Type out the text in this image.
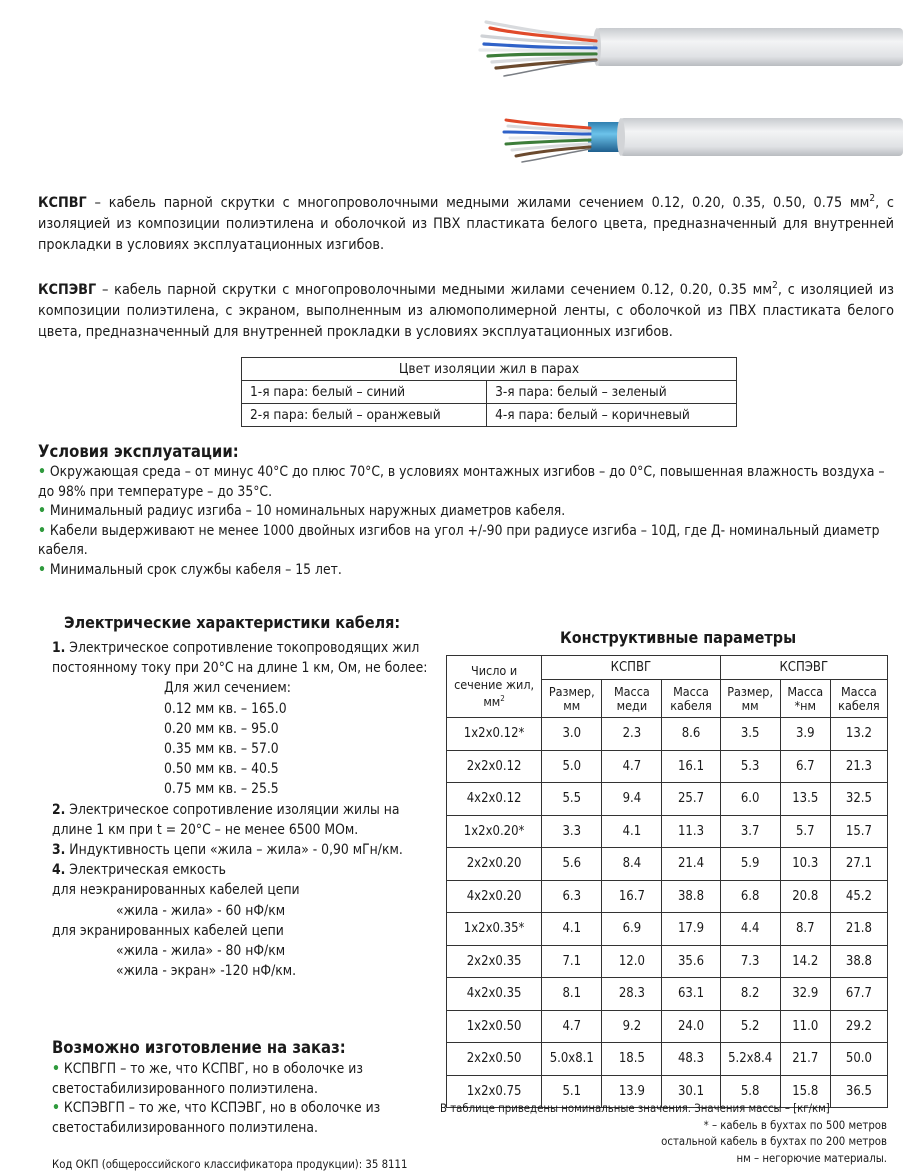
КСПВГ – кабель парной скрутки с многопроволочными медными жилами сечением 0.12, 0.20, 0.35, 0.50, 0.75 $мм^2$, с изоляцией из композиции полиэтилена и оболочкой из ПВХ пластиката белого цвета, предназначенный для внутренней прокладки в условиях эксплуатационных изгибов.
КСПЭВГ – кабель парной скрутки с многопроволочными медными жилами сечением 0.12, 0.20, 0.35 $мм^2$, с изоляцией из композиции полиэтилена, с экраном, выполненным из алюмополимерной ленты, с оболочкой из ПВХ пластиката белого цвета, предназначенный для внутренней прокладки в условиях эксплуатационных изгибов.
Цвет изоляции жил в парах	
1-я пара: белый – синий	3-я пара: белый – зеленый
2-я пара: белый – оранжевый	4-я пара: белый – коричневый
Условия эксплуатации:
• Окружающая среда – от минус 40°С до плюс 70°С, в условиях монтажных изгибов – до 0°С, повышенная влажность воздуха – до 98% при температуре – до 35°С.
• Минимальный радиус изгиба – 10 номинальных наружных диаметров кабеля.
• Кабели выдерживают не менее 1000 двойных изгибов на угол +/-90 при радиусе изгиба – 10Д, где Д- номинальный диаметр кабеля.
• Минимальный срок службы кабеля – 15 лет.
Электрические характеристики кабеля:
1. Электрическое сопротивление токопроводящих жил постоянному току при 20°С на длине 1 км, Ом, не более:
Для жил сечением:
0.12 мм кв. – 165.0
0.20 мм кв. – 95.0
0.35 мм кв. – 57.0
0.50 мм кв. – 40.5
0.75 мм кв. – 25.5
2. Электрическое сопротивление изоляции жилы на длине 1 км при t = 20°С – не менее 6500 МОм.
3. Индуктивность цепи «жила – жила» - 0,90 мГн/км.
4. Электрическая емкость
для неэкранированных кабелей цепи
«жила - жила» - 60 нФ/км
для экранированных кабелей цепи
«жила - жила» - 80 нФ/км
«жила - экран» -120 нФ/км.
Возможно изготовление на заказ:
• КСПВГП – то же, что КСПВГ, но в оболочке из светостабилизированного полиэтилена.
• КСПЭВГП – то же, что КСПЭВГ, но в оболочке из светостабилизированного полиэтилена.
Код ОКП (общероссийского классификатора продукции): 35 8111
Конструктивные параметры
Число и сечение жил, $мм^2$	КСПВГ			КСПЭВГ		
	Размер, мм	Масса меди	Масса кабеля	Размер, мм	Масса *нм	Масса кабеля
1x2x0.12*	3.0	2.3	8.6	3.5	3.9	13.2
2x2x0.12	5.0	4.7	16.1	5.3	6.7	21.3
4x2x0.12	5.5	9.4	25.7	6.0	13.5	32.5
1x2x0.20*	3.3	4.1	11.3	3.7	5.7	15.7
2x2x0.20	5.6	8.4	21.4	5.9	10.3	27.1
4x2x0.20	6.3	16.7	38.8	6.8	20.8	45.2
1x2x0.35*	4.1	6.9	17.9	4.4	8.7	21.8
2x2x0.35	7.1	12.0	35.6	7.3	14.2	38.8
4x2x0.35	8.1	28.3	63.1	8.2	32.9	67.7
1x2x0.50	4.7	9.2	24.0	5.2	11.0	29.2
2x2x0.50	5.0x8.1	18.5	48.3	5.2x8.4	21.7	50.0
1x2x0.75	5.1	13.9	30.1	5.8	15.8	36.5
В таблице приведены номинальные значения. Значения массы – [кг/км]
* – кабель в бухтах по 500 метров
остальной кабель в бухтах по 200 метров
нм – негорючие материалы.
